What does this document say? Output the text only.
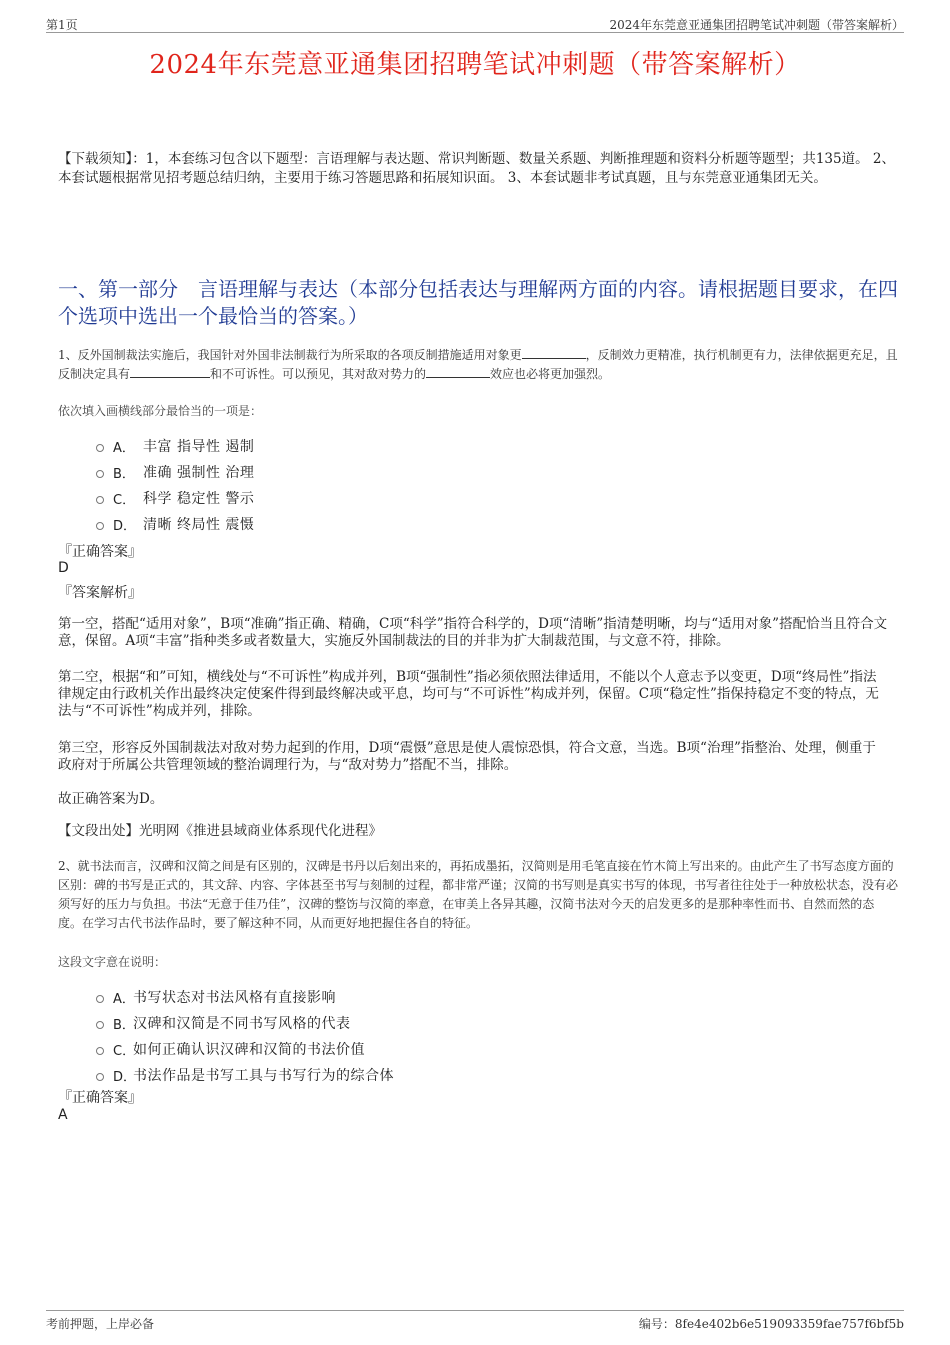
第1页	2024年东莞意亚通集团招聘笔试冲刺题（带答案解析）
2024年东莞意亚通集团招聘笔试冲刺题（带答案解析）
【下载须知】：1，本套练习包含以下题型：言语理解与表达题、常识判断题、数量关系题、判断推理题和资料分析题等题型；共135道。 2、本套试题根据常见招考题总结归纳，主要用于练习答题思路和拓展知识面。 3、本套试题非考试真题，且与东莞意亚通集团无关。
一、第一部分　言语理解与表达（本部分包括表达与理解两方面的内容。请根据题目要求，在四个选项中选出一个最恰当的答案。）
1、反外国制裁法实施后，我国针对外国非法制裁行为所采取的各项反制措施适用对象更	，反制效力更精准，执行机制更有力，法律依据更充足，且反制决定具有	和不可诉性。可以预见，其对敌对势力的	效应也必将更加强烈。
依次填入画横线部分最恰当的一项是：
A． 丰富 指导性 遏制
B． 准确 强制性 治理
C． 科学 稳定性 警示
D． 清晰 终局性 震慑
『正确答案』
D
『答案解析』
第一空，搭配“适用对象”，B项“准确”指正确、精确，C项“科学”指符合科学的，D项“清晰”指清楚明晰，均与“适用对象”搭配恰当且符合文意，保留。A项“丰富”指种类多或者数量大，实施反外国制裁法的目的并非为扩大制裁范围，与文意不符，排除。
第二空，根据“和”可知，横线处与“不可诉性”构成并列，B项“强制性”指必须依照法律适用，不能以个人意志予以变更，D项“终局性”指法律规定由行政机关作出最终决定使案件得到最终解决或平息，均可与“不可诉性”构成并列，保留。C项“稳定性”指保持稳定不变的特点，无法与“不可诉性”构成并列，排除。
第三空，形容反外国制裁法对敌对势力起到的作用，D项“震慑”意思是使人震惊恐惧，符合文意，当选。B项“治理”指整治、处理，侧重于政府对于所属公共管理领域的整治调理行为，与“敌对势力”搭配不当，排除。
故正确答案为D。
【文段出处】光明网《推进县域商业体系现代化进程》
2、就书法而言，汉碑和汉简之间是有区别的，汉碑是书丹以后刻出来的，再拓成墨拓，汉简则是用毛笔直接在竹木简上写出来的。由此产生了书写态度方面的区别：碑的书写是正式的，其文辞、内容、字体甚至书写与刻制的过程，都非常严谨；汉简的书写则是真实书写的体现，书写者往往处于一种放松状态，没有必须写好的压力与负担。书法“无意于佳乃佳”，汉碑的整饬与汉简的率意，在审美上各异其趣，汉简书法对今天的启发更多的是那种率性而书、自然而然的态度。在学习古代书法作品时，要了解这种不同，从而更好地把握住各自的特征。
这段文字意在说明：
A．
书写状态对书法风格有直接影响
B．
汉碑和汉简是不同书写风格的代表
C．
如何正确认识汉碑和汉简的书法价值
D．
书法作品是书写工具与书写行为的综合体
『正确答案』
A
考前押题，上岸必备	编号：8fe4e402b6e519093359fae757f6bf5b
